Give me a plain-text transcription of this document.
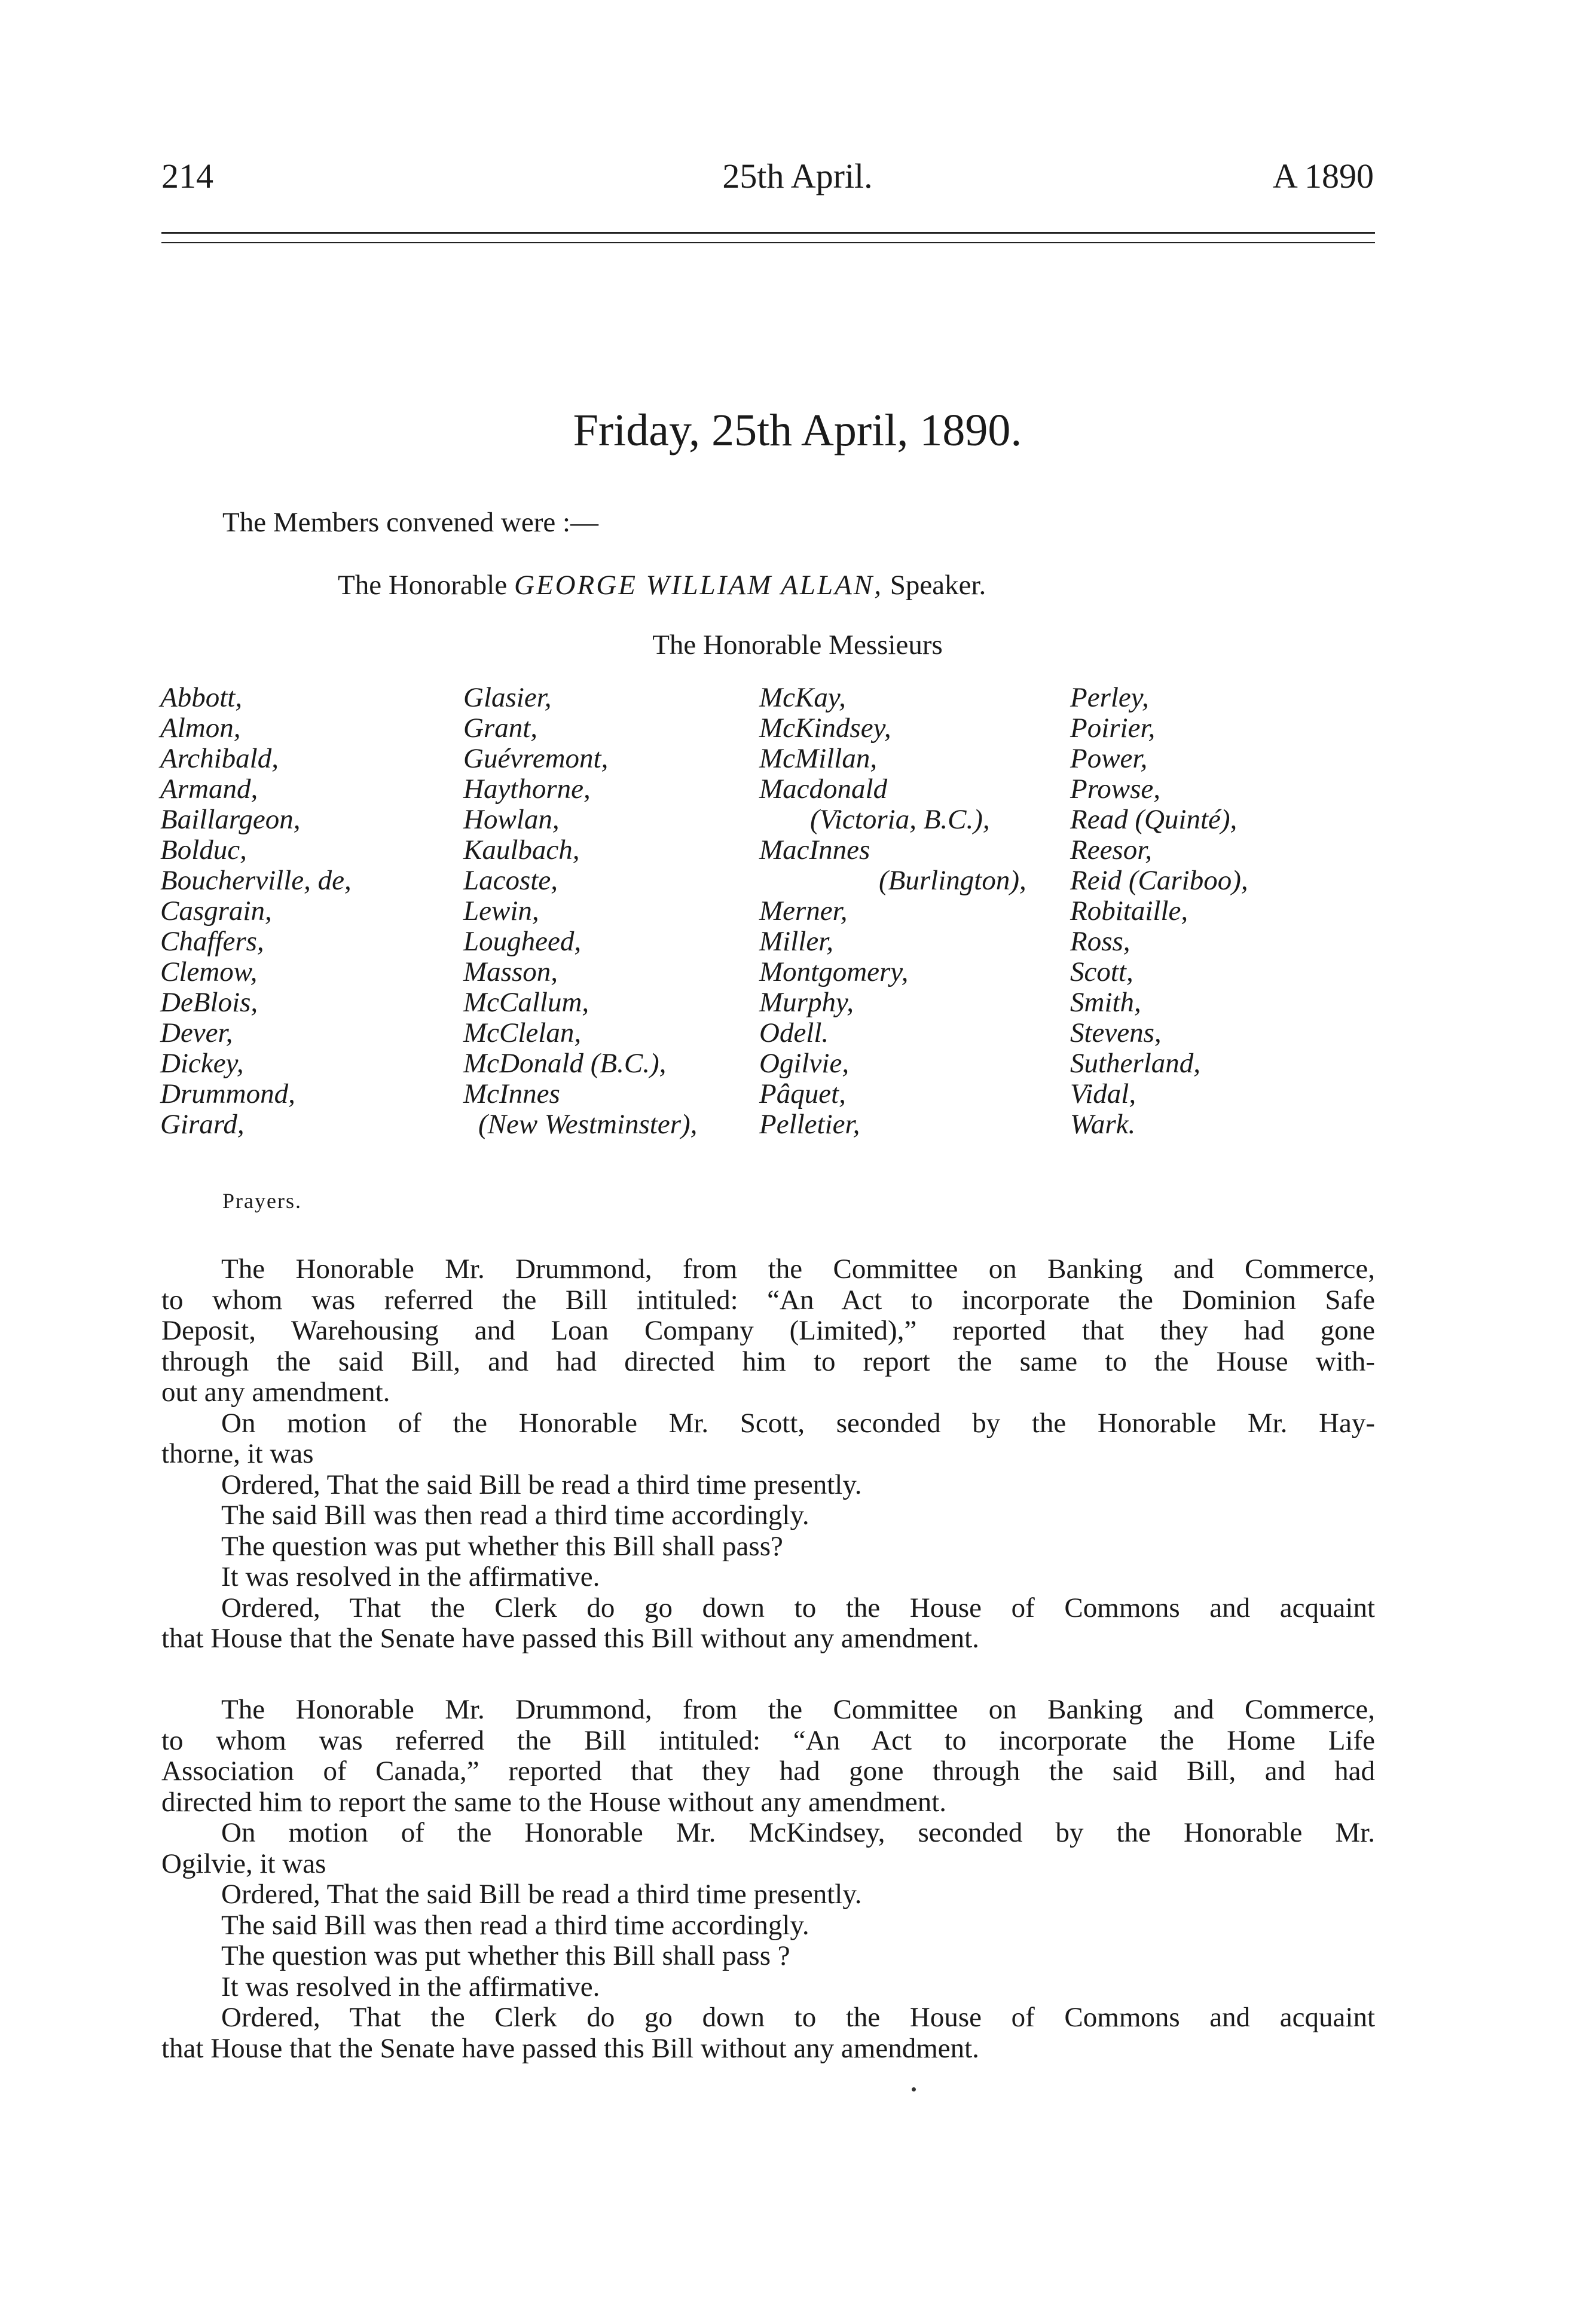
214	25th April.	A 1890
Friday, 25th April, 1890.
The Members convened were :—
The Honorable GEORGE WILLIAM ALLAN, Speaker.
The Honorable Messieurs
Abbott,
Almon,
Archibald,
Armand,
Baillargeon,
Bolduc,
Boucherville, de,
Casgrain,
Chaffers,
Clemow,
DeBlois,
Dever,
Dickey,
Drummond,
Girard,
Glasier,
Grant,
Guévremont,
Haythorne,
Howlan,
Kaulbach,
Lacoste,
Lewin,
Lougheed,
Masson,
McCallum,
McClelan,
McDonald (B.C.),
McInnes
(New Westminster),
McKay,
McKindsey,
McMillan,
Macdonald
(Victoria, B.C.),
MacInnes
(Burlington),
Merner,
Miller,
Montgomery,
Murphy,
Odell.
Ogilvie,
Pâquet,
Pelletier,
Perley,
Poirier,
Power,
Prowse,
Read (Quinté),
Reesor,
Reid (Cariboo),
Robitaille,
Ross,
Scott,
Smith,
Stevens,
Sutherland,
Vidal,
Wark.
Prayers.

The Honorable Mr. Drummond, from the Committee on Banking and Commerce,

to whom was referred the Bill intituled: “An Act to incorporate the Dominion Safe

Deposit, Warehousing and Loan Company (Limited),” reported that they had gone

through the said Bill, and had directed him to report the same to the House with-

out any amendment.

On motion of the Honorable Mr. Scott, seconded by the Honorable Mr. Hay-

thorne, it was

Ordered, That the said Bill be read a third time presently.

The said Bill was then read a third time accordingly.

The question was put whether this Bill shall pass?

It was resolved in the affirmative.

Ordered, That the Clerk do go down to the House of Commons and acquaint

that House that the Senate have passed this Bill without any amendment.

The Honorable Mr. Drummond, from the Committee on Banking and Commerce,

to whom was referred the Bill intituled: “An Act to incorporate the Home Life

Association of Canada,” reported that they had gone through the said Bill, and had

directed him to report the same to the House without any amendment.

On motion of the Honorable Mr. McKindsey, seconded by the Honorable Mr.

Ogilvie, it was

Ordered, That the said Bill be read a third time presently.

The said Bill was then read a third time accordingly.

The question was put whether this Bill shall pass ?

It was resolved in the affirmative.

Ordered, That the Clerk do go down to the House of Commons and acquaint

that House that the Senate have passed this Bill without any amendment.
